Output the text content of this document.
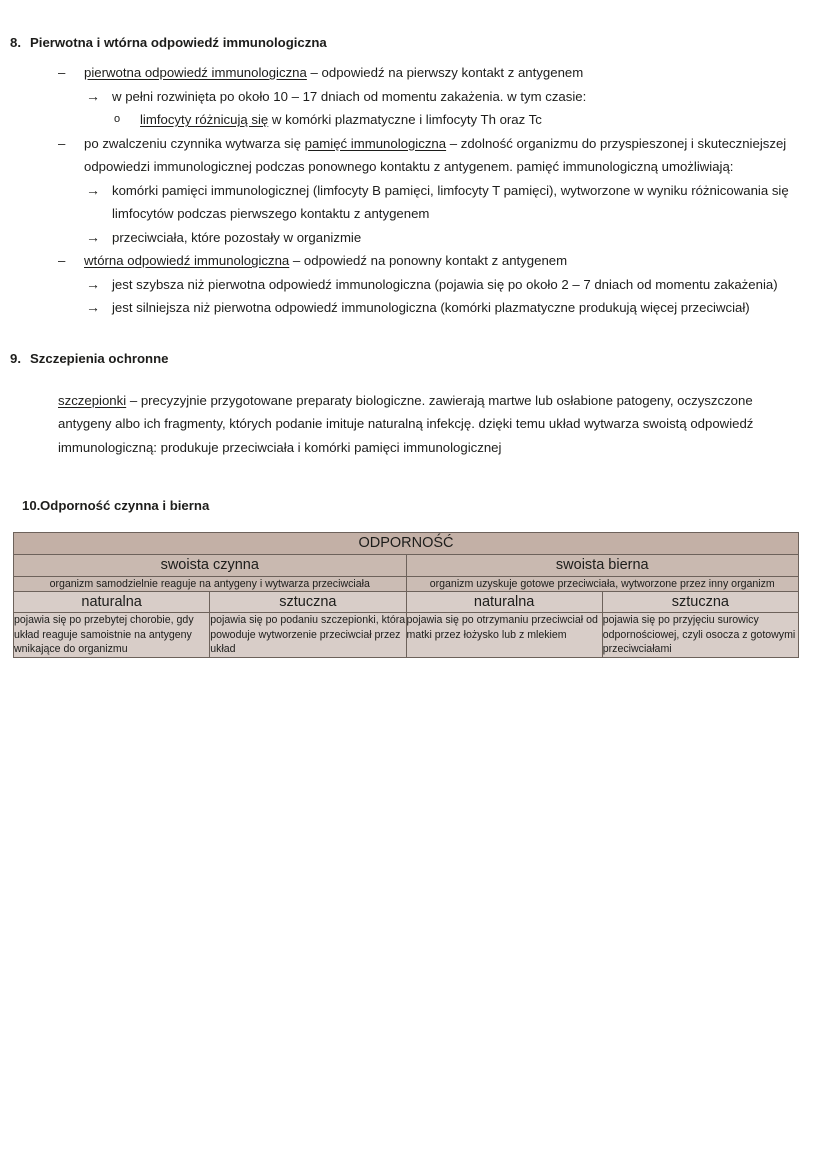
8. Pierwotna i wtórna odpowiedź immunologiczna
–	pierwotna odpowiedź immunologiczna – odpowiedź na pierwszy kontakt z antygenem
→ w pełni rozwinięta po około 10 – 17 dniach od momentu zakażenia. w tym czasie:
o	limfocyty różnicują się w komórki plazmatyczne i limfocyty Th oraz Tc
–	po zwalczeniu czynnika wytwarza się pamięć immunologiczna – zdolność organizmu do przyspieszonej i skuteczniejszej odpowiedzi immunologicznej podczas ponownego kontaktu z antygenem. pamięć immunologiczną umożliwiają:
→ komórki pamięci immunologicznej (limfocyty B pamięci, limfocyty T pamięci), wytworzone w wyniku różnicowania się limfocytów podczas pierwszego kontaktu z antygenem
→ przeciwciała, które pozostały w organizmie
–	wtórna odpowiedź immunologiczna – odpowiedź na ponowny kontakt z antygenem
→ jest szybsza niż pierwotna odpowiedź immunologiczna (pojawia się po około 2 – 7 dniach od momentu zakażenia)
→ jest silniejsza niż pierwotna odpowiedź immunologiczna (komórki plazmatyczne produkują więcej przeciwciał)
9. Szczepienia ochronne
szczepionki – precyzyjnie przygotowane preparaty biologiczne. zawierają martwe lub osłabione patogeny, oczyszczone antygeny albo ich fragmenty, których podanie imituje naturalną infekcję. dzięki temu układ wytwarza swoistą odpowiedź immunologiczną: produkuje przeciwciała i komórki pamięci immunologicznej
10. Odporność czynna i bierna
ODPORNOŚĆ			
swoista czynna		swoista bierna	
organizm samodzielnie reaguje na antygeny i wytwarza przeciwciała		organizm uzyskuje gotowe przeciwciała, wytworzone przez inny organizm	
naturalna	sztuczna	naturalna	sztuczna
pojawia się po przebytej chorobie, gdy układ reaguje samoistnie na antygeny wnikające do organizmu	pojawia się po podaniu szczepionki, która powoduje wytworzenie przeciwciał przez układ	pojawia się po otrzymaniu przeciwciał od matki przez łożysko lub z mlekiem	pojawia się po przyjęciu surowicy odpornościowej, czyli osocza z gotowymi przeciwciałami
